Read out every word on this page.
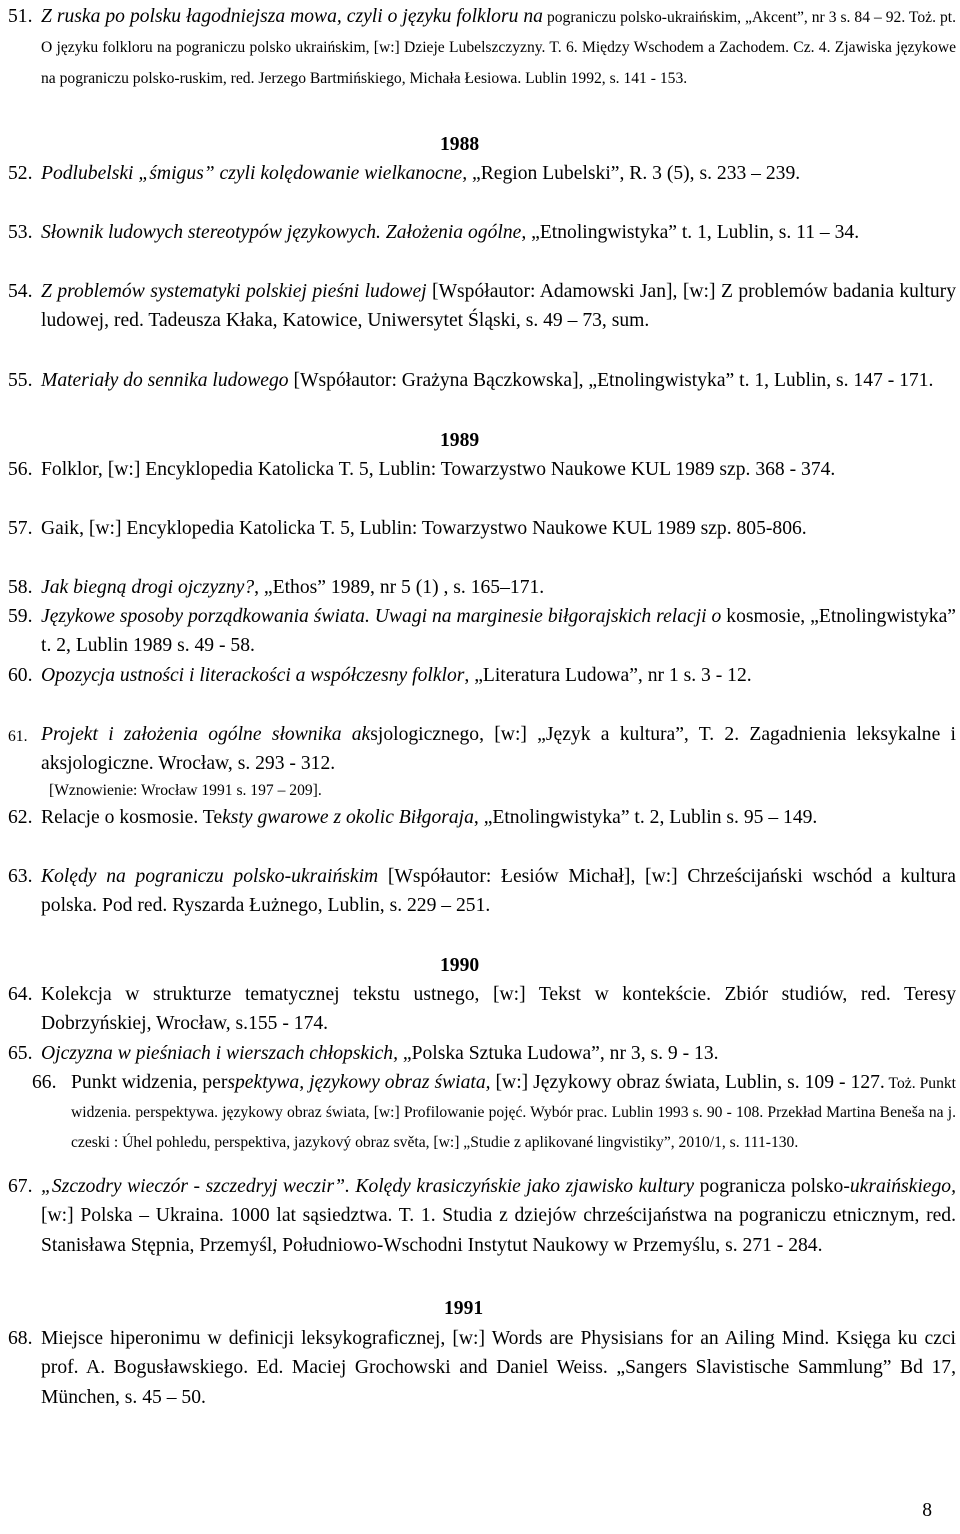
51. Z ruska po polsku łagodniejsza mowa, czyli o języku folkloru na pograniczu polsko-ukraińskim, „Akcent”, nr 3 s. 84 – 92. Toż. pt. O języku folkloru na pograniczu polsko ukraińskim, [w:] Dzieje Lubelszczyzny. T. 6. Między Wschodem a Zachodem. Cz. 4. Zjawiska językowe na pograniczu polsko-ruskim, red. Jerzego Bartmińskiego, Michała Łesiowa. Lublin 1992, s. 141 - 153.
1988
52. Podlubelski „śmigus” czyli kolędowanie wielkanocne, „Region Lubelski”, R. 3 (5), s. 233 – 239.
53. Słownik ludowych stereotypów językowych. Założenia ogólne, „Etnolingwistyka” t. 1, Lublin, s. 11 – 34.
54. Z problemów systematyki polskiej pieśni ludowej [Współautor: Adamowski Jan], [w:] Z problemów badania kultury ludowej, red. Tadeusza Kłaka, Katowice, Uniwersytet Śląski, s. 49 – 73, sum.
55. Materiały do sennika ludowego [Współautor: Grażyna Bączkowska], „Etnolingwistyka” t. 1, Lublin, s. 147 - 171.
1989
56. Folklor, [w:] Encyklopedia Katolicka T. 5, Lublin: Towarzystwo Naukowe KUL 1989 szp. 368 - 374.
57. Gaik, [w:] Encyklopedia Katolicka T. 5, Lublin: Towarzystwo Naukowe KUL 1989 szp. 805-806.
58. Jak biegną drogi ojczyzny?, „Ethos” 1989, nr 5 (1) , s. 165–171.
59. Językowe sposoby porządkowania świata. Uwagi na marginesie biłgorajskich relacji o kosmosie, „Etnolingwistyka” t. 2, Lublin 1989 s. 49 - 58.
60. Opozycja ustności i literackości a współczesny folklor, „Literatura Ludowa”, nr 1 s. 3 - 12.
61. Projekt i założenia ogólne słownika aksjologicznego, [w:] „Język a kultura”, T. 2. Zagadnienia leksykalne i aksjologiczne. Wrocław, s. 293 - 312.
[Wznowienie: Wrocław 1991 s. 197 – 209].
62. Relacje o kosmosie. Teksty gwarowe z okolic Biłgoraja, „Etnolingwistyka” t. 2, Lublin s. 95 – 149.
63. Kolędy na pograniczu polsko-ukraińskim [Współautor: Łesiów Michał], [w:] Chrześcijański wschód a kultura polska. Pod red. Ryszarda Łużnego, Lublin, s. 229 – 251.
1990
64. Kolekcja w strukturze tematycznej tekstu ustnego, [w:] Tekst w kontekście. Zbiór studiów, red. Teresy Dobrzyńskiej, Wrocław, s.155 - 174.
65. Ojczyzna w pieśniach i wierszach chłopskich, „Polska Sztuka Ludowa”, nr 3, s. 9 - 13.
66. Punkt widzenia, perspektywa, językowy obraz świata, [w:] Językowy obraz świata, Lublin, s. 109 - 127. Toż. Punkt widzenia. perspektywa. językowy obraz świata, [w:] Profilowanie pojęć. Wybór prac. Lublin 1993 s. 90 - 108. Przekład Martina Beneša na j. czeski : Úhel pohledu, perspektiva, jazykový obraz světa, [w:] „Studie z aplikované lingvistiky”, 2010/1, s. 111-130.
67. „Szczodry wieczór - szczedryj weczir”. Kolędy krasiczyńskie jako zjawisko kultury pogranicza polsko-ukraińskiego, [w:] Polska – Ukraina. 1000 lat sąsiedztwa. T. 1. Studia z dziejów chrześcijaństwa na pograniczu etnicznym, red. Stanisława Stępnia, Przemyśl, Południowo-Wschodni Instytut Naukowy w Przemyślu, s. 271 - 284.
1991
68. Miejsce hiperonimu w definicji leksykograficznej, [w:] Words are Physisians for an Ailing Mind. Księga ku czci prof. A. Bogusławskiego. Ed. Maciej Grochowski and Daniel Weiss. „Sangers Slavistische Sammlung” Bd 17, München, s. 45 – 50.
8
